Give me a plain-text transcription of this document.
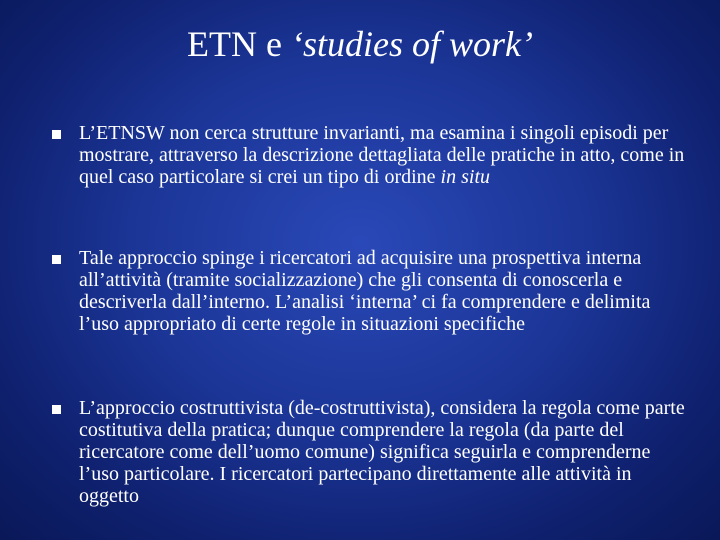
ETN e ‘studies of work’
L’ETNSW non cerca strutture invarianti, ma esamina i singoli episodi per mostrare, attraverso la descrizione dettagliata delle pratiche in atto, come in quel caso particolare si crei un tipo di ordine in situ
Tale approccio spinge i ricercatori ad acquisire una prospettiva interna all’attività (tramite socializzazione) che gli consenta di conoscerla e descriverla dall’interno. L’analisi ‘interna’ ci fa comprendere e delimita l’uso appropriato di certe regole in situazioni specifiche
L’approccio costruttivista (de-costruttivista), considera la regola come parte costitutiva della pratica; dunque comprendere la regola (da parte del ricercatore come dell’uomo comune) significa seguirla e comprenderne l’uso particolare. I ricercatori partecipano direttamente alle attività in oggetto
